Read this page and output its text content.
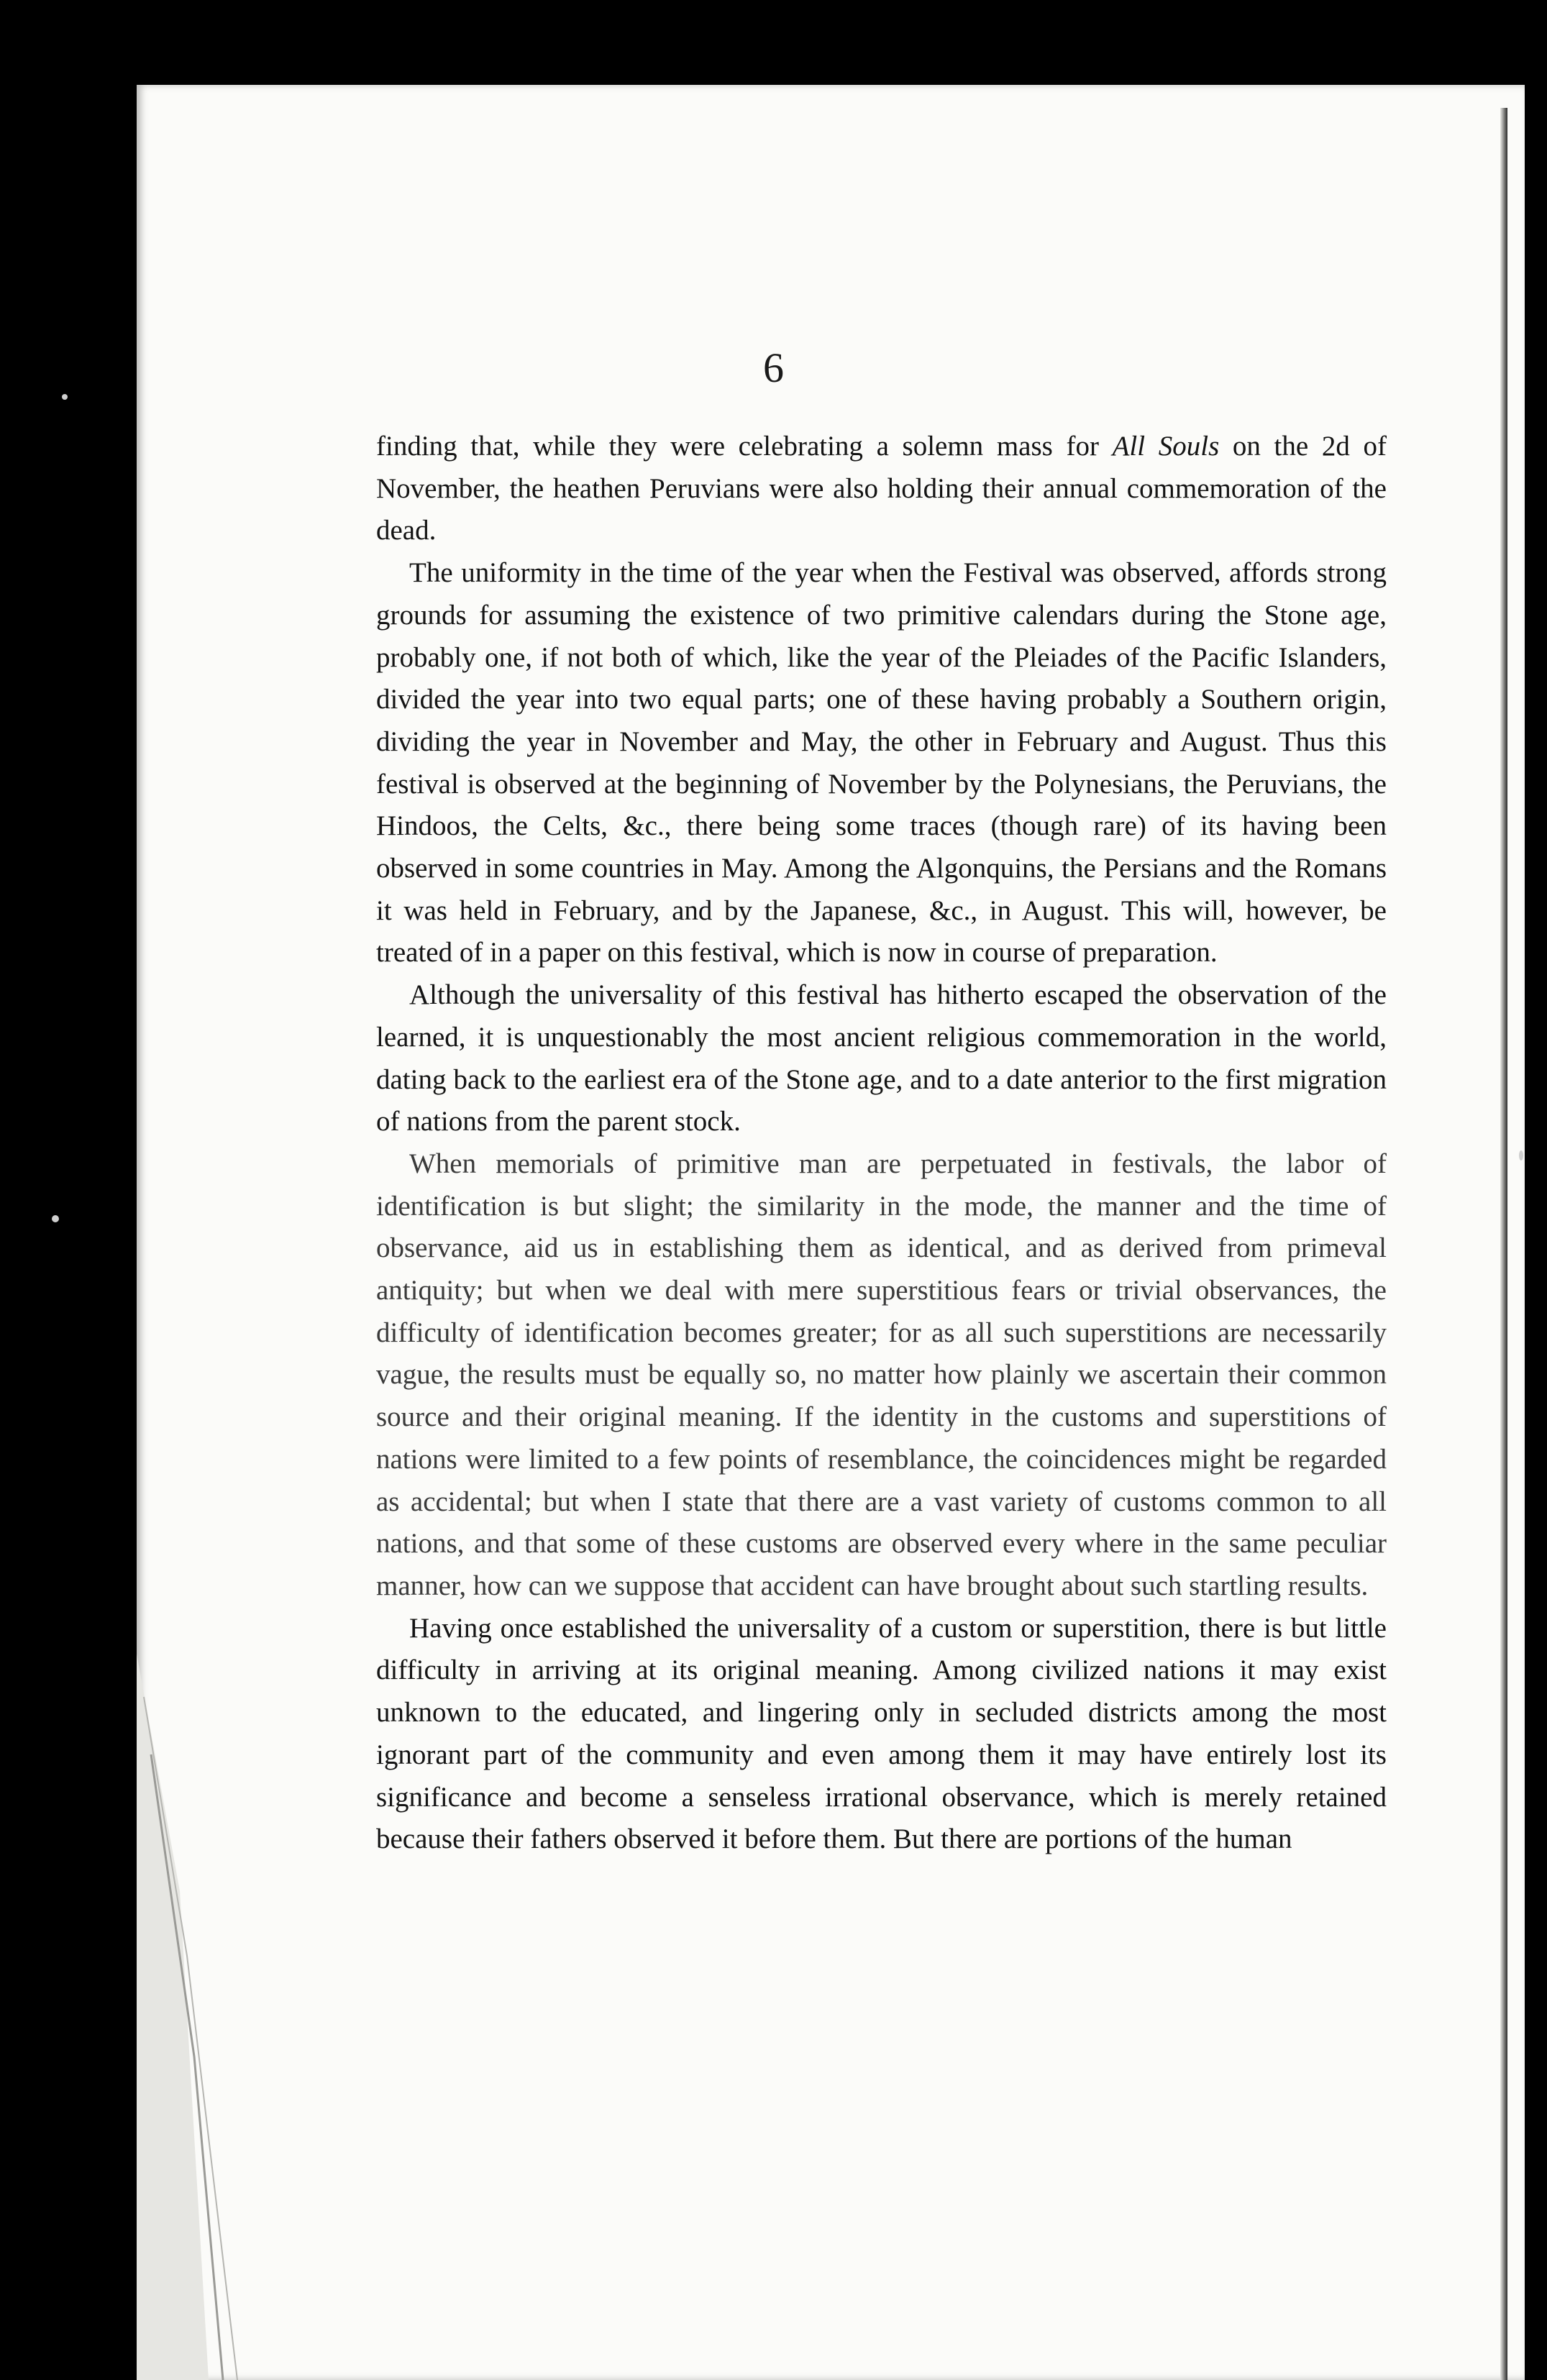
6

finding that, while they were celebrating a solemn mass for All Souls on the 2d of November, the heathen Peruvians were also holding their annual commemoration of the dead.

The uniformity in the time of the year when the Festival was observed, affords strong grounds for assuming the existence of two primitive calendars during the Stone age, probably one, if not both of which, like the year of the Pleiades of the Pacific Islanders, divided the year into two equal parts; one of these having probably a Southern origin, dividing the year in November and May, the other in February and August. Thus this festival is observed at the beginning of November by the Polynesians, the Peruvians, the Hindoos, the Celts, &c., there being some traces (though rare) of its having been observed in some countries in May. Among the Algonquins, the Persians and the Romans it was held in February, and by the Japanese, &c., in August. This will, however, be treated of in a paper on this festival, which is now in course of preparation.

Although the universality of this festival has hitherto escaped the observation of the learned, it is unquestionably the most ancient religious commemoration in the world, dating back to the earliest era of the Stone age, and to a date anterior to the first migration of nations from the parent stock.

When memorials of primitive man are perpetuated in festivals, the labor of identification is but slight; the similarity in the mode, the manner and the time of observance, aid us in establishing them as identical, and as derived from primeval antiquity; but when we deal with mere superstitious fears or trivial observances, the difficulty of identification becomes greater; for as all such superstitions are necessarily vague, the results must be equally so, no matter how plainly we ascertain their common source and their original meaning. If the identity in the customs and superstitions of nations were limited to a few points of resemblance, the coincidences might be regarded as accidental; but when I state that there are a vast variety of customs common to all nations, and that some of these customs are observed every where in the same peculiar manner, how can we suppose that accident can have brought about such startling results.

Having once established the universality of a custom or superstition, there is but little difficulty in arriving at its original meaning. Among civilized nations it may exist unknown to the educated, and lingering only in secluded districts among the most ignorant part of the community and even among them it may have entirely lost its significance and become a senseless irrational observance, which is merely retained because their fathers observed it before them. But there are portions of the human
